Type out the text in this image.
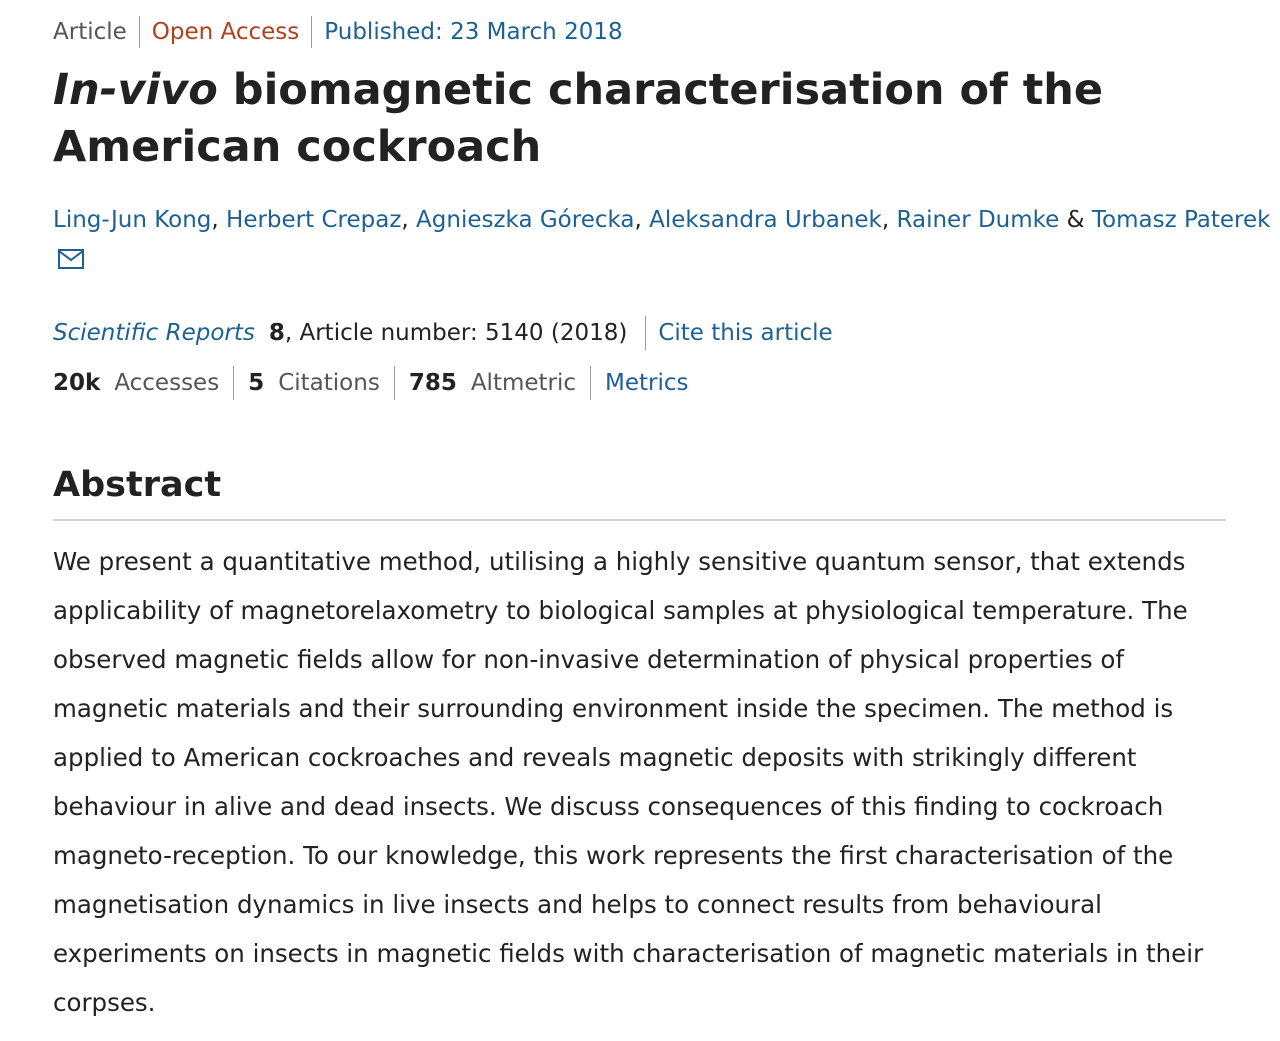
Article Open Access Published: 23 March 2018
In-vivo biomagnetic characterisation of the American cockroach
Ling-Jun Kong, Herbert Crepaz, Agnieszka Górecka, Aleksandra Urbanek, Rainer Dumke & Tomasz Paterek
Scientific Reports 8, Article number: 5140 (2018) Cite this article
20k Accesses 5 Citations 785 Altmetric Metrics
Abstract

We present a quantitative method, utilising a highly sensitive quantum sensor, that extends applicability of magnetorelaxometry to biological samples at physiological temperature. The observed magnetic fields allow for non-invasive determination of physical properties of magnetic materials and their surrounding environment inside the specimen. The method is applied to American cockroaches and reveals magnetic deposits with strikingly different behaviour in alive and dead insects. We discuss consequences of this finding to cockroach magneto-reception. To our knowledge, this work represents the first characterisation of the magnetisation dynamics in live insects and helps to connect results from behavioural experiments on insects in magnetic fields with characterisation of magnetic materials in their corpses.
